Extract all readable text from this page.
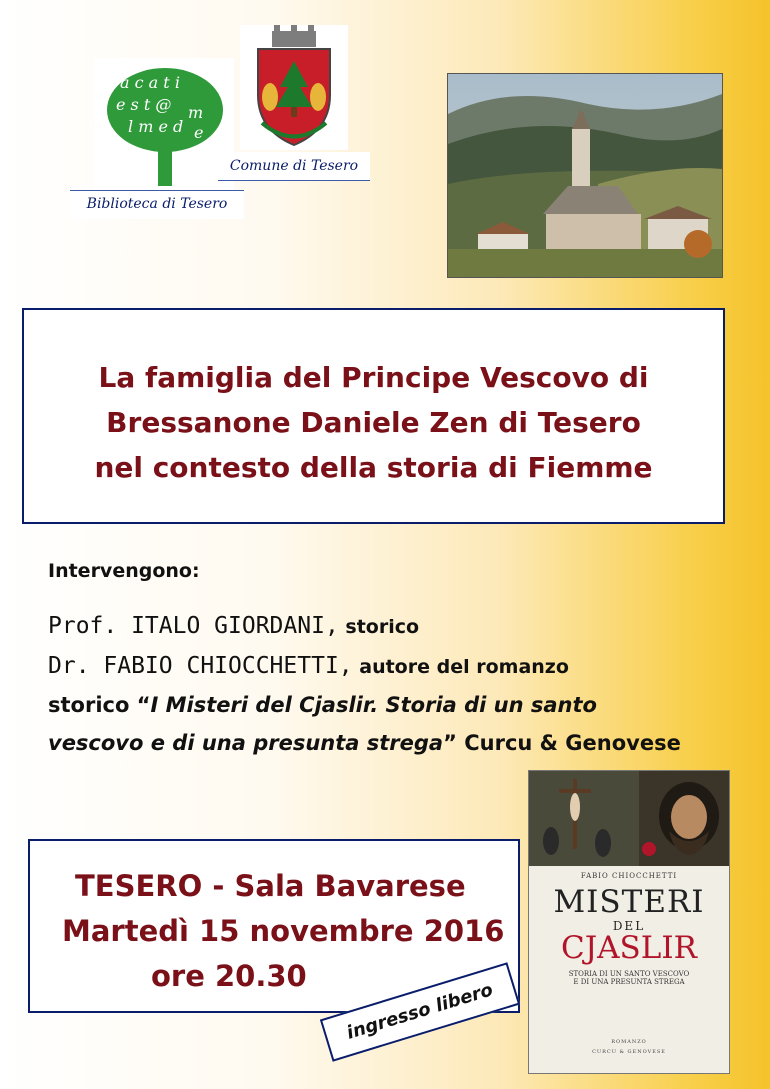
a c a t i
e s t @
l m e d
m
e
Biblioteca di Tesero
Comune di Tesero
La famiglia del Principe Vescovo di
Bressanone Daniele Zen di Tesero
nel contesto della storia di Fiemme
Intervengono:
Prof. ITALO GIORDANI, storico
Dr. FABIO CHIOCCHETTI, autore del romanzo
storico “I Misteri del Cjaslir. Storia di un santo
vescovo e di una presunta strega” Curcu & Genovese
TESERO - Sala Bavarese
Martedì 15 novembre 2016
ore 20.30
FABIO CHIOCCHETTI
MISTERI
DEL
CJASLIR
STORIA DI UN SANTO VESCOVO
E DI UNA PRESUNTA STREGA
ROMANZO
CURCU & GENOVESE
ingresso libero
